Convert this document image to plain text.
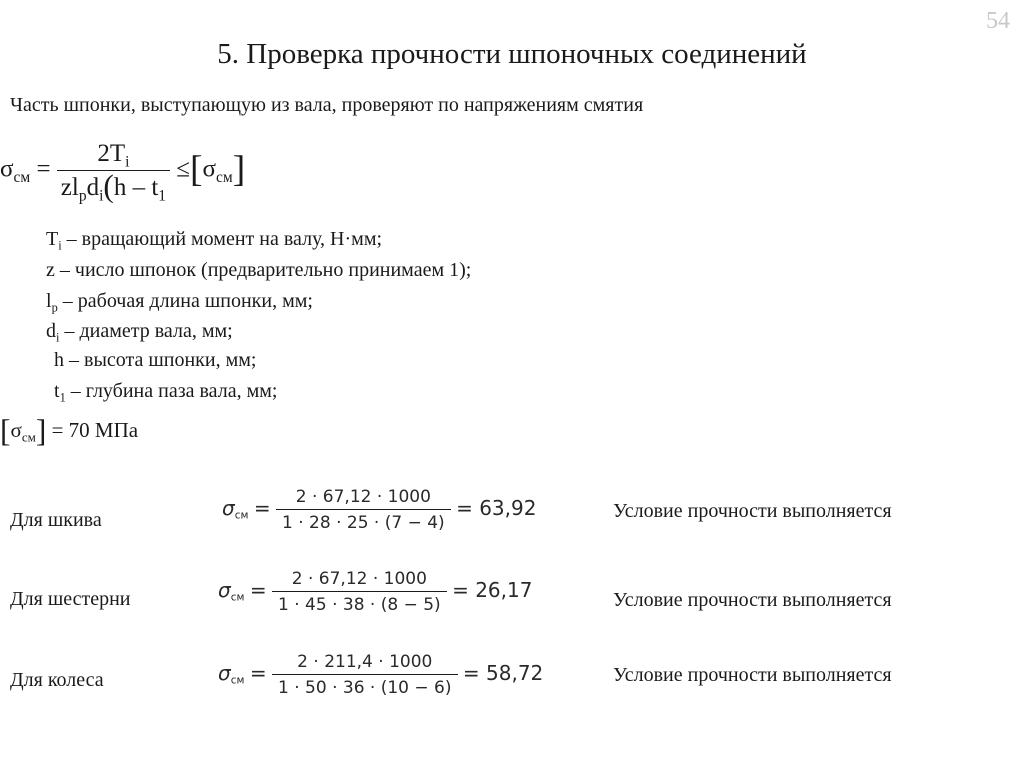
54
5. Проверка прочности шпоночных соединений
Часть шпонки, выступающую из вала, проверяют по напряжениям смятия
$\sigma_{см} = \frac{2T_i}{zl_pd_i(h - t_1} \le[\sigma_{см}]$
$T_i$ – вращающий момент на валу, Н·мм;
z – число шпонок (предварительно принимаем 1);
$l_p$ – рабочая длина шпонки, мм;
$d_i$ – диаметр вала, мм;
h – высота шпонки, мм;
$t_1$ – глубина паза вала, мм;
$[\sigma_{см}] = 70$ МПа
Для шкива	$\sigma_{см} = \frac{2 \cdot 67,12 \cdot 1000}{1 \cdot 28 \cdot 25 \cdot (7 - 4)} = 63,92$	Условие прочности выполняется
Для шестерни	$\sigma_{см} = \frac{2 \cdot 67,12 \cdot 1000}{1 \cdot 45 \cdot 38 \cdot (8 - 5)} = 26,17$	Условие прочности выполняется
Для колеса	$\sigma_{см} = \frac{2 \cdot 211,4 \cdot 1000}{1 \cdot 50 \cdot 36 \cdot (10 - 6)} = 58,72$	Условие прочности выполняется
